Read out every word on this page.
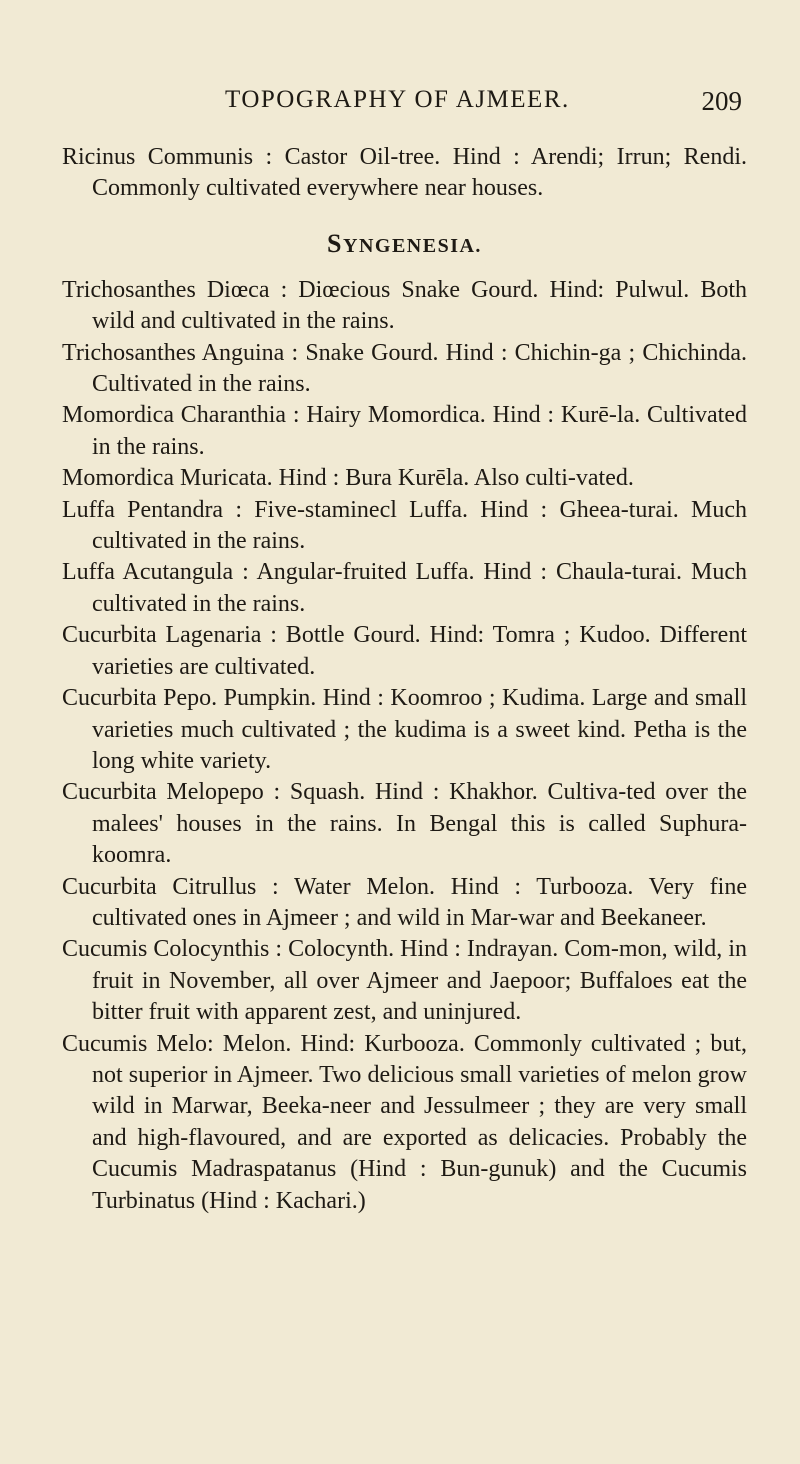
TOPOGRAPHY OF AJMEER.	209

Ricinus Communis : Castor Oil-tree. Hind : Arendi; Irrun; Rendi. Commonly cultivated everywhere near houses.

SYNGENESIA.

Trichosanthes Diœca : Diœcious Snake Gourd. Hind: Pulwul. Both wild and cultivated in the rains.

Trichosanthes Anguina : Snake Gourd. Hind : Chichin-ga ; Chichinda. Cultivated in the rains.

Momordica Charanthia : Hairy Momordica. Hind : Kurē-la. Cultivated in the rains.

Momordica Muricata. Hind : Bura Kurēla. Also culti-vated.

Luffa Pentandra : Five-staminecl Luffa. Hind : Gheea-turai. Much cultivated in the rains.

Luffa Acutangula : Angular-fruited Luffa. Hind : Chaula-turai. Much cultivated in the rains.

Cucurbita Lagenaria : Bottle Gourd. Hind: Tomra ; Kudoo. Different varieties are cultivated.

Cucurbita Pepo. Pumpkin. Hind : Koomroo ; Kudima. Large and small varieties much cultivated ; the kudima is a sweet kind. Petha is the long white variety.

Cucurbita Melopepo : Squash. Hind : Khakhor. Cultiva-ted over the malees' houses in the rains. In Bengal this is called Suphura-koomra.

Cucurbita Citrullus : Water Melon. Hind : Turbooza. Very fine cultivated ones in Ajmeer ; and wild in Mar-war and Beekaneer.

Cucumis Colocynthis : Colocynth. Hind : Indrayan. Com-mon, wild, in fruit in November, all over Ajmeer and Jaepoor; Buffaloes eat the bitter fruit with apparent zest, and uninjured.

Cucumis Melo: Melon. Hind: Kurbooza. Commonly cultivated ; but, not superior in Ajmeer. Two delicious small varieties of melon grow wild in Marwar, Beeka-neer and Jessulmeer ; they are very small and high-flavoured, and are exported as delicacies. Probably the Cucumis Madraspatanus (Hind : Bun-gunuk) and the Cucumis Turbinatus (Hind : Kachari.)
